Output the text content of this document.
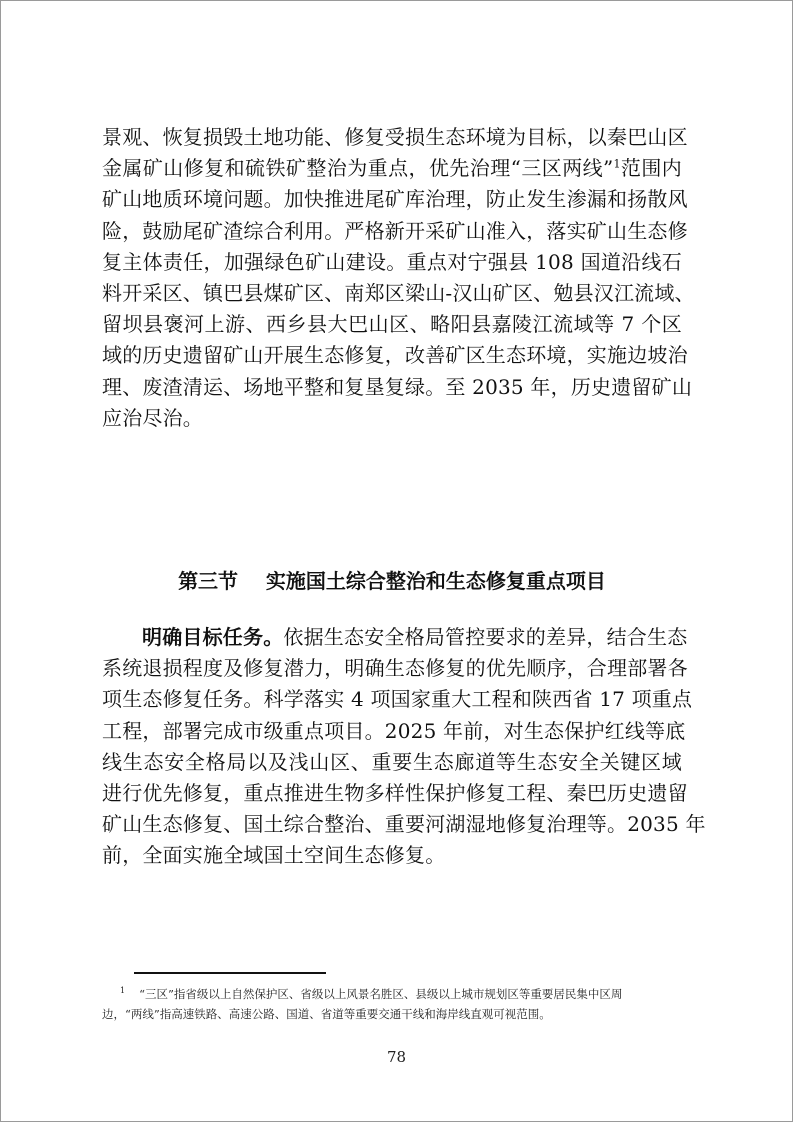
景观、恢复损毁土地功能、修复受损生态环境为目标，以秦巴山区
金属矿山修复和硫铁矿整治为重点，优先治理“三区两线”$^1$范围内
矿山地质环境问题。加快推进尾矿库治理，防止发生渗漏和扬散风
险，鼓励尾矿渣综合利用。严格新开采矿山准入，落实矿山生态修
复主体责任，加强绿色矿山建设。重点对宁强县 108 国道沿线石
料开采区、镇巴县煤矿区、南郑区梁山-汉山矿区、勉县汉江流域、
留坝县褒河上游、西乡县大巴山区、略阳县嘉陵江流域等 7 个区
域的历史遗留矿山开展生态修复，改善矿区生态环境，实施边坡治
理、废渣清运、场地平整和复垦复绿。至 2035 年，历史遗留矿山
应治尽治。
第三节    实施国土综合整治和生态修复重点项目
明确目标任务。依据生态安全格局管控要求的差异，结合生态
系统退损程度及修复潜力，明确生态修复的优先顺序，合理部署各
项生态修复任务。科学落实 4 项国家重大工程和陕西省 17 项重点
工程，部署完成市级重点项目。2025 年前，对生态保护红线等底
线生态安全格局以及浅山区、重要生态廊道等生态安全关键区域
进行优先修复，重点推进生物多样性保护修复工程、秦巴历史遗留
矿山生态修复、国土综合整治、重要河湖湿地修复治理等。2035 年
前，全面实施全域国土空间生态修复。
$^1$ “三区”指省级以上自然保护区、省级以上风景名胜区、县级以上城市规划区等重要居民集中区周
边，“两线”指高速铁路、高速公路、国道、省道等重要交通干线和海岸线直观可视范围。
78
